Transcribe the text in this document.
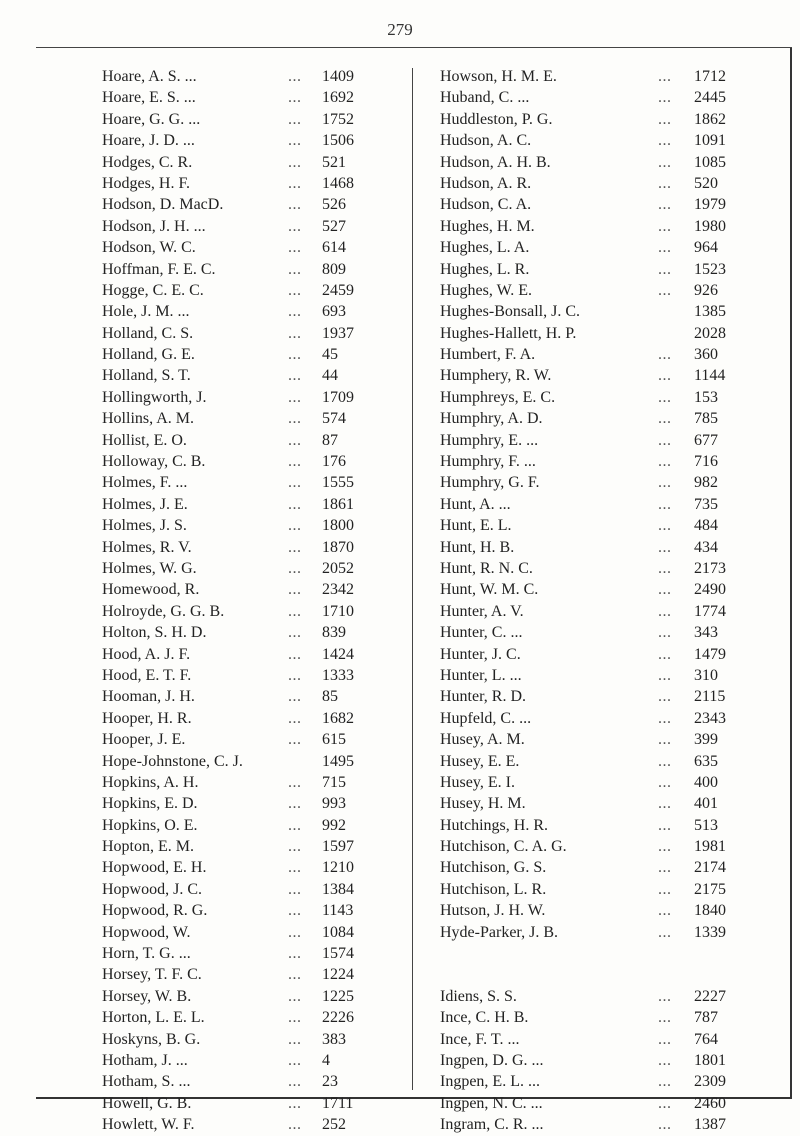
279
Hoare, A. S. ...	... 1409
Hoare, E. S. ...	... 1692
Hoare, G. G. ...	... 1752
Hoare, J. D. ...	... 1506
Hodges, C. R.	... 521
Hodges, H. F.	... 1468
Hodson, D. MacD.	... 526
Hodson, J. H. ...	... 527
Hodson, W. C.	... 614
Hoffman, F. E. C.	... 809
Hogge, C. E. C.	... 2459
Hole, J. M. ...	... 693
Holland, C. S.	... 1937
Holland, G. E.	... 45
Holland, S. T.	... 44
Hollingworth, J.	... 1709
Hollins, A. M.	... 574
Hollist, E. O.	... 87
Holloway, C. B.	... 176
Holmes, F. ...	... 1555
Holmes, J. E.	... 1861
Holmes, J. S.	... 1800
Holmes, R. V.	... 1870
Holmes, W. G.	... 2052
Homewood, R.	... 2342
Holroyde, G. G. B.	... 1710
Holton, S. H. D.	... 839
Hood, A. J. F.	... 1424
Hood, E. T. F.	... 1333
Hooman, J. H.	... 85
Hooper, H. R.	... 1682
Hooper, J. E.	... 615
Hope-Johnstone, C. J.	1495
Hopkins, A. H.	... 715
Hopkins, E. D.	... 993
Hopkins, O. E.	... 992
Hopton, E. M.	... 1597
Hopwood, E. H.	... 1210
Hopwood, J. C.	... 1384
Hopwood, R. G.	... 1143
Hopwood, W.	... 1084
Horn, T. G. ...	... 1574
Horsey, T. F. C.	... 1224
Horsey, W. B.	... 1225
Horton, L. E. L.	... 2226
Hoskyns, B. G.	... 383
Hotham, J. ...	... 4
Hotham, S. ...	... 23
Howell, G. B.	... 1711
Howlett, W. F.	... 252
Howson, H. M. E.	... 1712
Huband, C. ...	... 2445
Huddleston, P. G.	... 1862
Hudson, A. C.	... 1091
Hudson, A. H. B.	... 1085
Hudson, A. R.	... 520
Hudson, C. A.	... 1979
Hughes, H. M.	... 1980
Hughes, L. A.	... 964
Hughes, L. R.	... 1523
Hughes, W. E.	... 926
Hughes-Bonsall, J. C.	1385
Hughes-Hallett, H. P.	2028
Humbert, F. A.	... 360
Humphery, R. W.	... 1144
Humphreys, E. C.	... 153
Humphry, A. D.	... 785
Humphry, E. ...	... 677
Humphry, F. ...	... 716
Humphry, G. F.	... 982
Hunt, A. ...	... 735
Hunt, E. L.	... 484
Hunt, H. B.	... 434
Hunt, R. N. C.	... 2173
Hunt, W. M. C.	... 2490
Hunter, A. V.	... 1774
Hunter, C. ...	... 343
Hunter, J. C.	... 1479
Hunter, L. ...	... 310
Hunter, R. D.	... 2115
Hupfeld, C. ...	... 2343
Husey, A. M.	... 399
Husey, E. E.	... 635
Husey, E. I.	... 400
Husey, H. M.	... 401
Hutchings, H. R.	... 513
Hutchison, C. A. G.	... 1981
Hutchison, G. S.	... 2174
Hutchison, L. R.	... 2175
Hutson, J. H. W.	... 1840
Hyde-Parker, J. B.	... 1339
Idiens, S. S.	... 2227
Ince, C. H. B.	... 787
Ince, F. T. ...	... 764
Ingpen, D. G. ...	... 1801
Ingpen, E. L. ...	... 2309
Ingpen, N. C. ...	... 2460
Ingram, C. R. ...	... 1387
